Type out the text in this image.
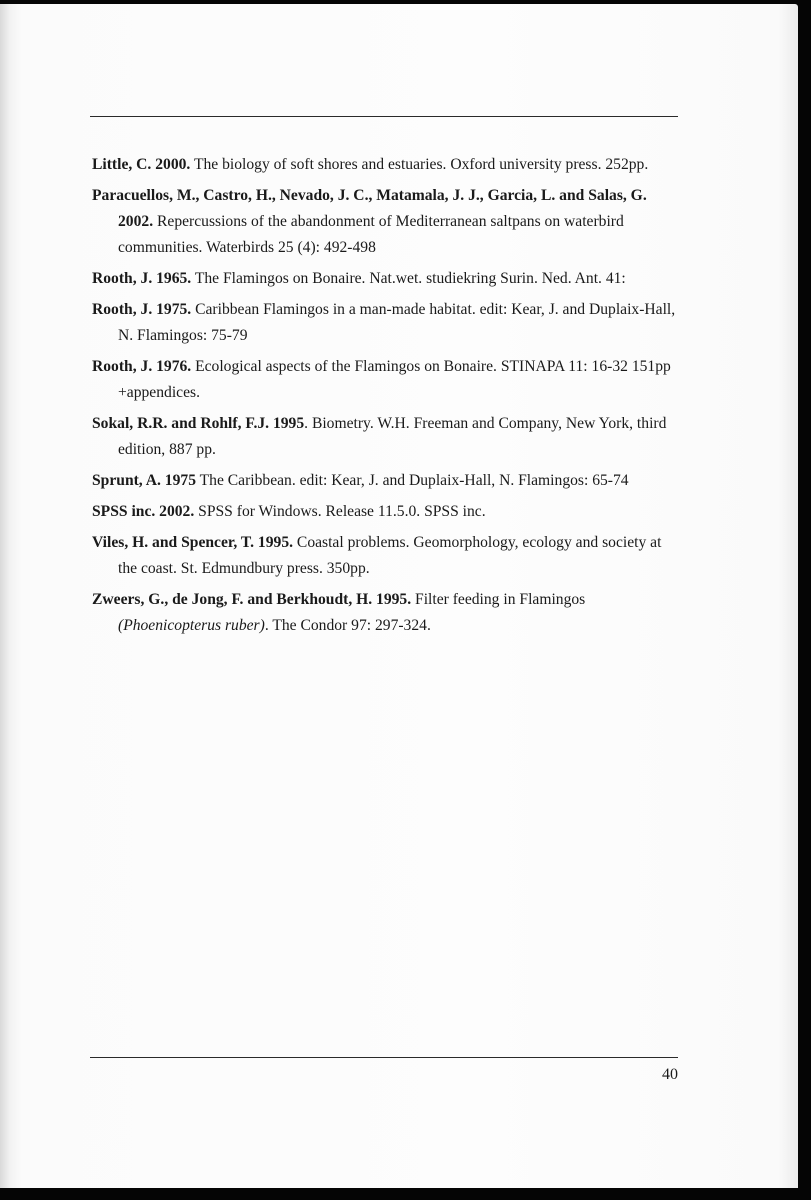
Little, C. 2000. The biology of soft shores and estuaries. Oxford university press. 252pp.
Paracuellos, M., Castro, H., Nevado, J. C., Matamala, J. J., Garcia, L. and Salas, G. 2002. Repercussions of the abandonment of Mediterranean saltpans on waterbird communities. Waterbirds 25 (4): 492-498
Rooth, J. 1965. The Flamingos on Bonaire. Nat.wet. studiekring Surin. Ned. Ant. 41:
Rooth, J. 1975. Caribbean Flamingos in a man-made habitat. edit: Kear, J. and Duplaix-Hall, N. Flamingos: 75-79
Rooth, J. 1976. Ecological aspects of the Flamingos on Bonaire. STINAPA 11: 16-32 151pp +appendices.
Sokal, R.R. and Rohlf, F.J. 1995. Biometry. W.H. Freeman and Company, New York, third edition, 887 pp.
Sprunt, A. 1975 The Caribbean. edit: Kear, J. and Duplaix-Hall, N. Flamingos: 65-74
SPSS inc. 2002. SPSS for Windows. Release 11.5.0. SPSS inc.
Viles, H. and Spencer, T. 1995. Coastal problems. Geomorphology, ecology and society at the coast. St. Edmundbury press. 350pp.
Zweers, G., de Jong, F. and Berkhoudt, H. 1995. Filter feeding in Flamingos (Phoenicopterus ruber). The Condor 97: 297-324.
40
